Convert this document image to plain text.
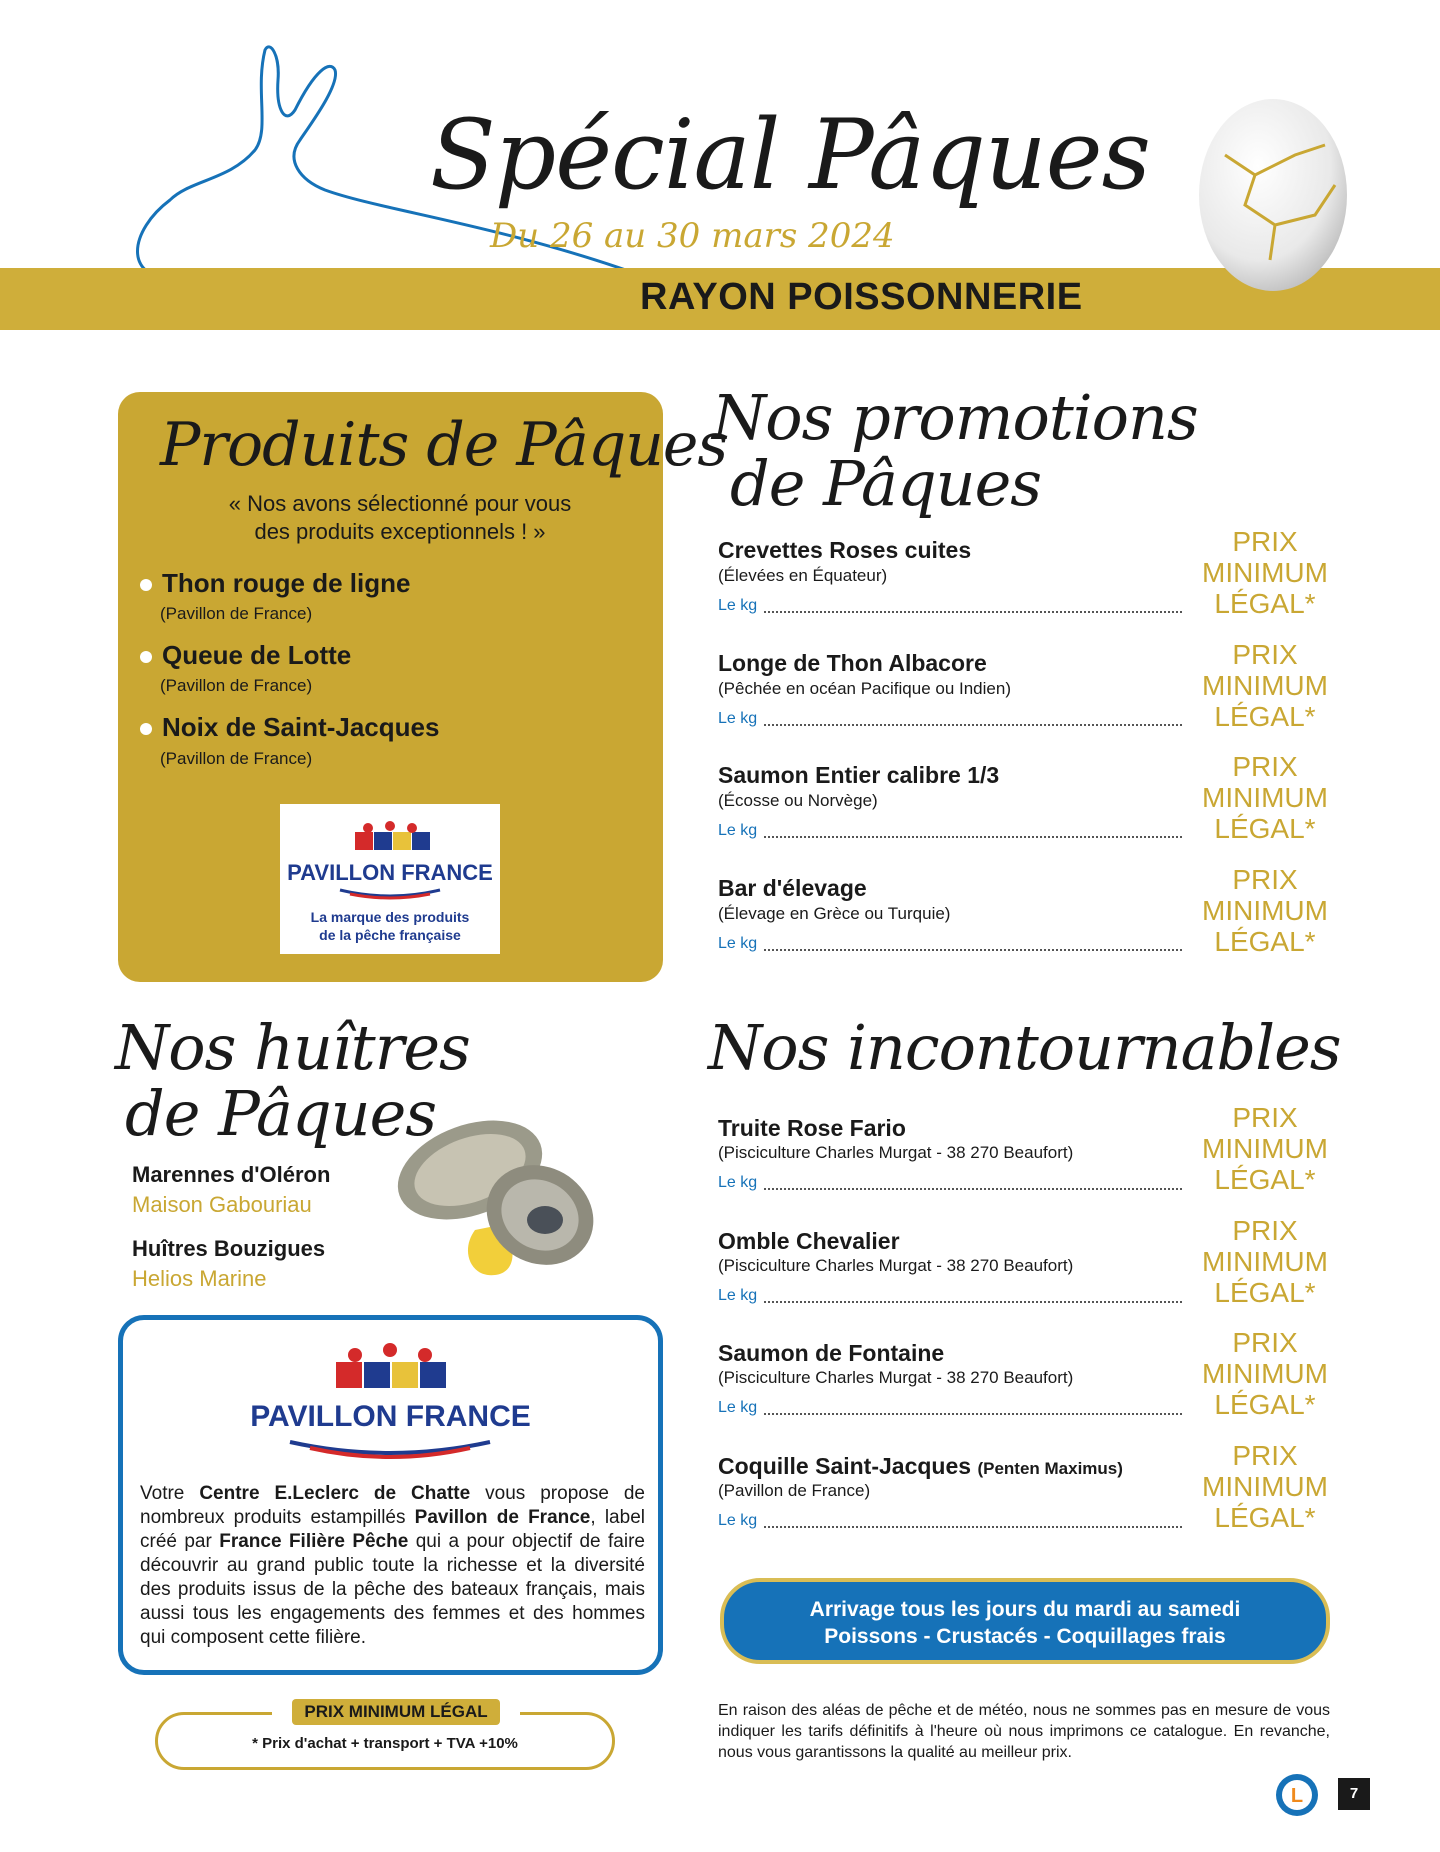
Spécial Pâques
Du 26 au 30 mars 2024
RAYON POISSONNERIE
Produits de Pâques
« Nos avons sélectionné pour vous
des produits exceptionnels ! »
Thon rouge de ligne
(Pavillon de France)
Queue de Lotte
(Pavillon de France)
Noix de Saint-Jacques
(Pavillon de France)
PAVILLON FRANCE
La marque des produits
de la pêche française
Nos promotions
de Pâques
Crevettes Roses cuites
(Élevées en Équateur)
Le kg
PRIX
MINIMUM
LÉGAL*
Longe de Thon Albacore
(Pêchée en océan Pacifique ou Indien)
Le kg
PRIX
MINIMUM
LÉGAL*
Saumon Entier calibre 1/3
(Écosse ou Norvège)
Le kg
PRIX
MINIMUM
LÉGAL*
Bar d'élevage
(Élevage en Grèce ou Turquie)
Le kg
PRIX
MINIMUM
LÉGAL*
Nos incontournables
Truite Rose Fario
(Pisciculture Charles Murgat - 38 270 Beaufort)
Le kg
PRIX
MINIMUM
LÉGAL*
Omble Chevalier
(Pisciculture Charles Murgat - 38 270 Beaufort)
Le kg
PRIX
MINIMUM
LÉGAL*
Saumon de Fontaine
(Pisciculture Charles Murgat - 38 270 Beaufort)
Le kg
PRIX
MINIMUM
LÉGAL*
Coquille Saint-Jacques (Penten Maximus)
(Pavillon de France)
Le kg
PRIX
MINIMUM
LÉGAL*
Nos huîtres
de Pâques
Marennes d'Oléron
Maison Gabouriau
Huîtres Bouzigues
Helios Marine
PAVILLON FRANCE
Votre Centre E.Leclerc de Chatte vous propose de nombreux produits estampillés Pavillon de France, label créé par France Filière Pêche qui a pour objectif de faire découvrir au grand public toute la richesse et la diversité des produits issus de la pêche des bateaux français, mais aussi tous les engagements des femmes et des hommes qui composent cette filière.
PRIX MINIMUM LÉGAL
* Prix d'achat + transport + TVA +10%
Arrivage tous les jours du mardi au samedi
Poissons - Crustacés - Coquillages frais
En raison des aléas de pêche et de météo, nous ne sommes pas en mesure de vous indiquer les tarifs définitifs à l'heure où nous imprimons ce catalogue. En revanche, nous vous garantissons la qualité au meilleur prix.
L	7
